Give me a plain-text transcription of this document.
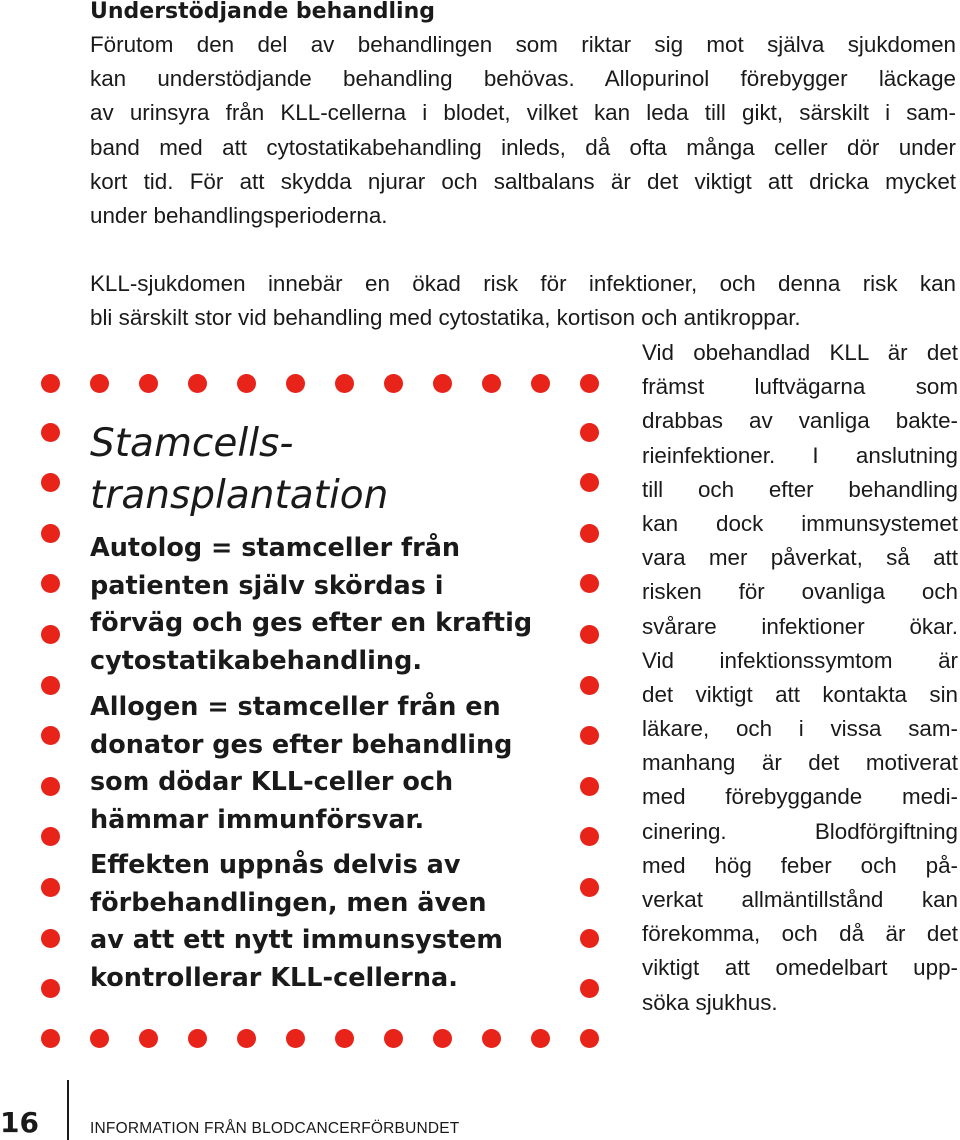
Understödjande behandling
Förutom den del av behandlingen som riktar sig mot själva sjukdomen
kan understödjande behandling behövas. Allopurinol förebygger läckage
av urinsyra från KLL-cellerna i blodet, vilket kan leda till gikt, särskilt i sam-
band med att cytostatikabehandling inleds, då ofta många celler dör under
kort tid. För att skydda njurar och saltbalans är det viktigt att dricka mycket
under behandlingsperioderna.
KLL-sjukdomen innebär en ökad risk för infektioner, och denna risk kan
bli särskilt stor vid behandling med cytostatika, kortison och antikroppar.
Vid obehandlad KLL är det
främst luftvägarna som
drabbas av vanliga bakte-
rieinfektioner. I anslutning
till och efter behandling
kan dock immunsystemet
vara mer påverkat, så att
risken för ovanliga och
svårare infektioner ökar.
Vid infektionssymtom är
det viktigt att kontakta sin
läkare, och i vissa sam-
manhang är det motiverat
med förebyggande medi-
cinering. Blodförgiftning
med hög feber och på-
verkat allmäntillstånd kan
förekomma, och då är det
viktigt att omedelbart upp-
söka sjukhus.
Stamcells-
transplantation
Autolog = stamceller från
patienten själv skördas i
förväg och ges efter en kraftig
cytostatikabehandling.
Allogen = stamceller från en
donator ges efter behandling
som dödar KLL-celler och
hämmar immunförsvar.
Effekten uppnås delvis av
förbehandlingen, men även
av att ett nytt immunsystem
kontrollerar KLL-cellerna.

16	INFORMATION FRÅN BLODCANCERFÖRBUNDET
